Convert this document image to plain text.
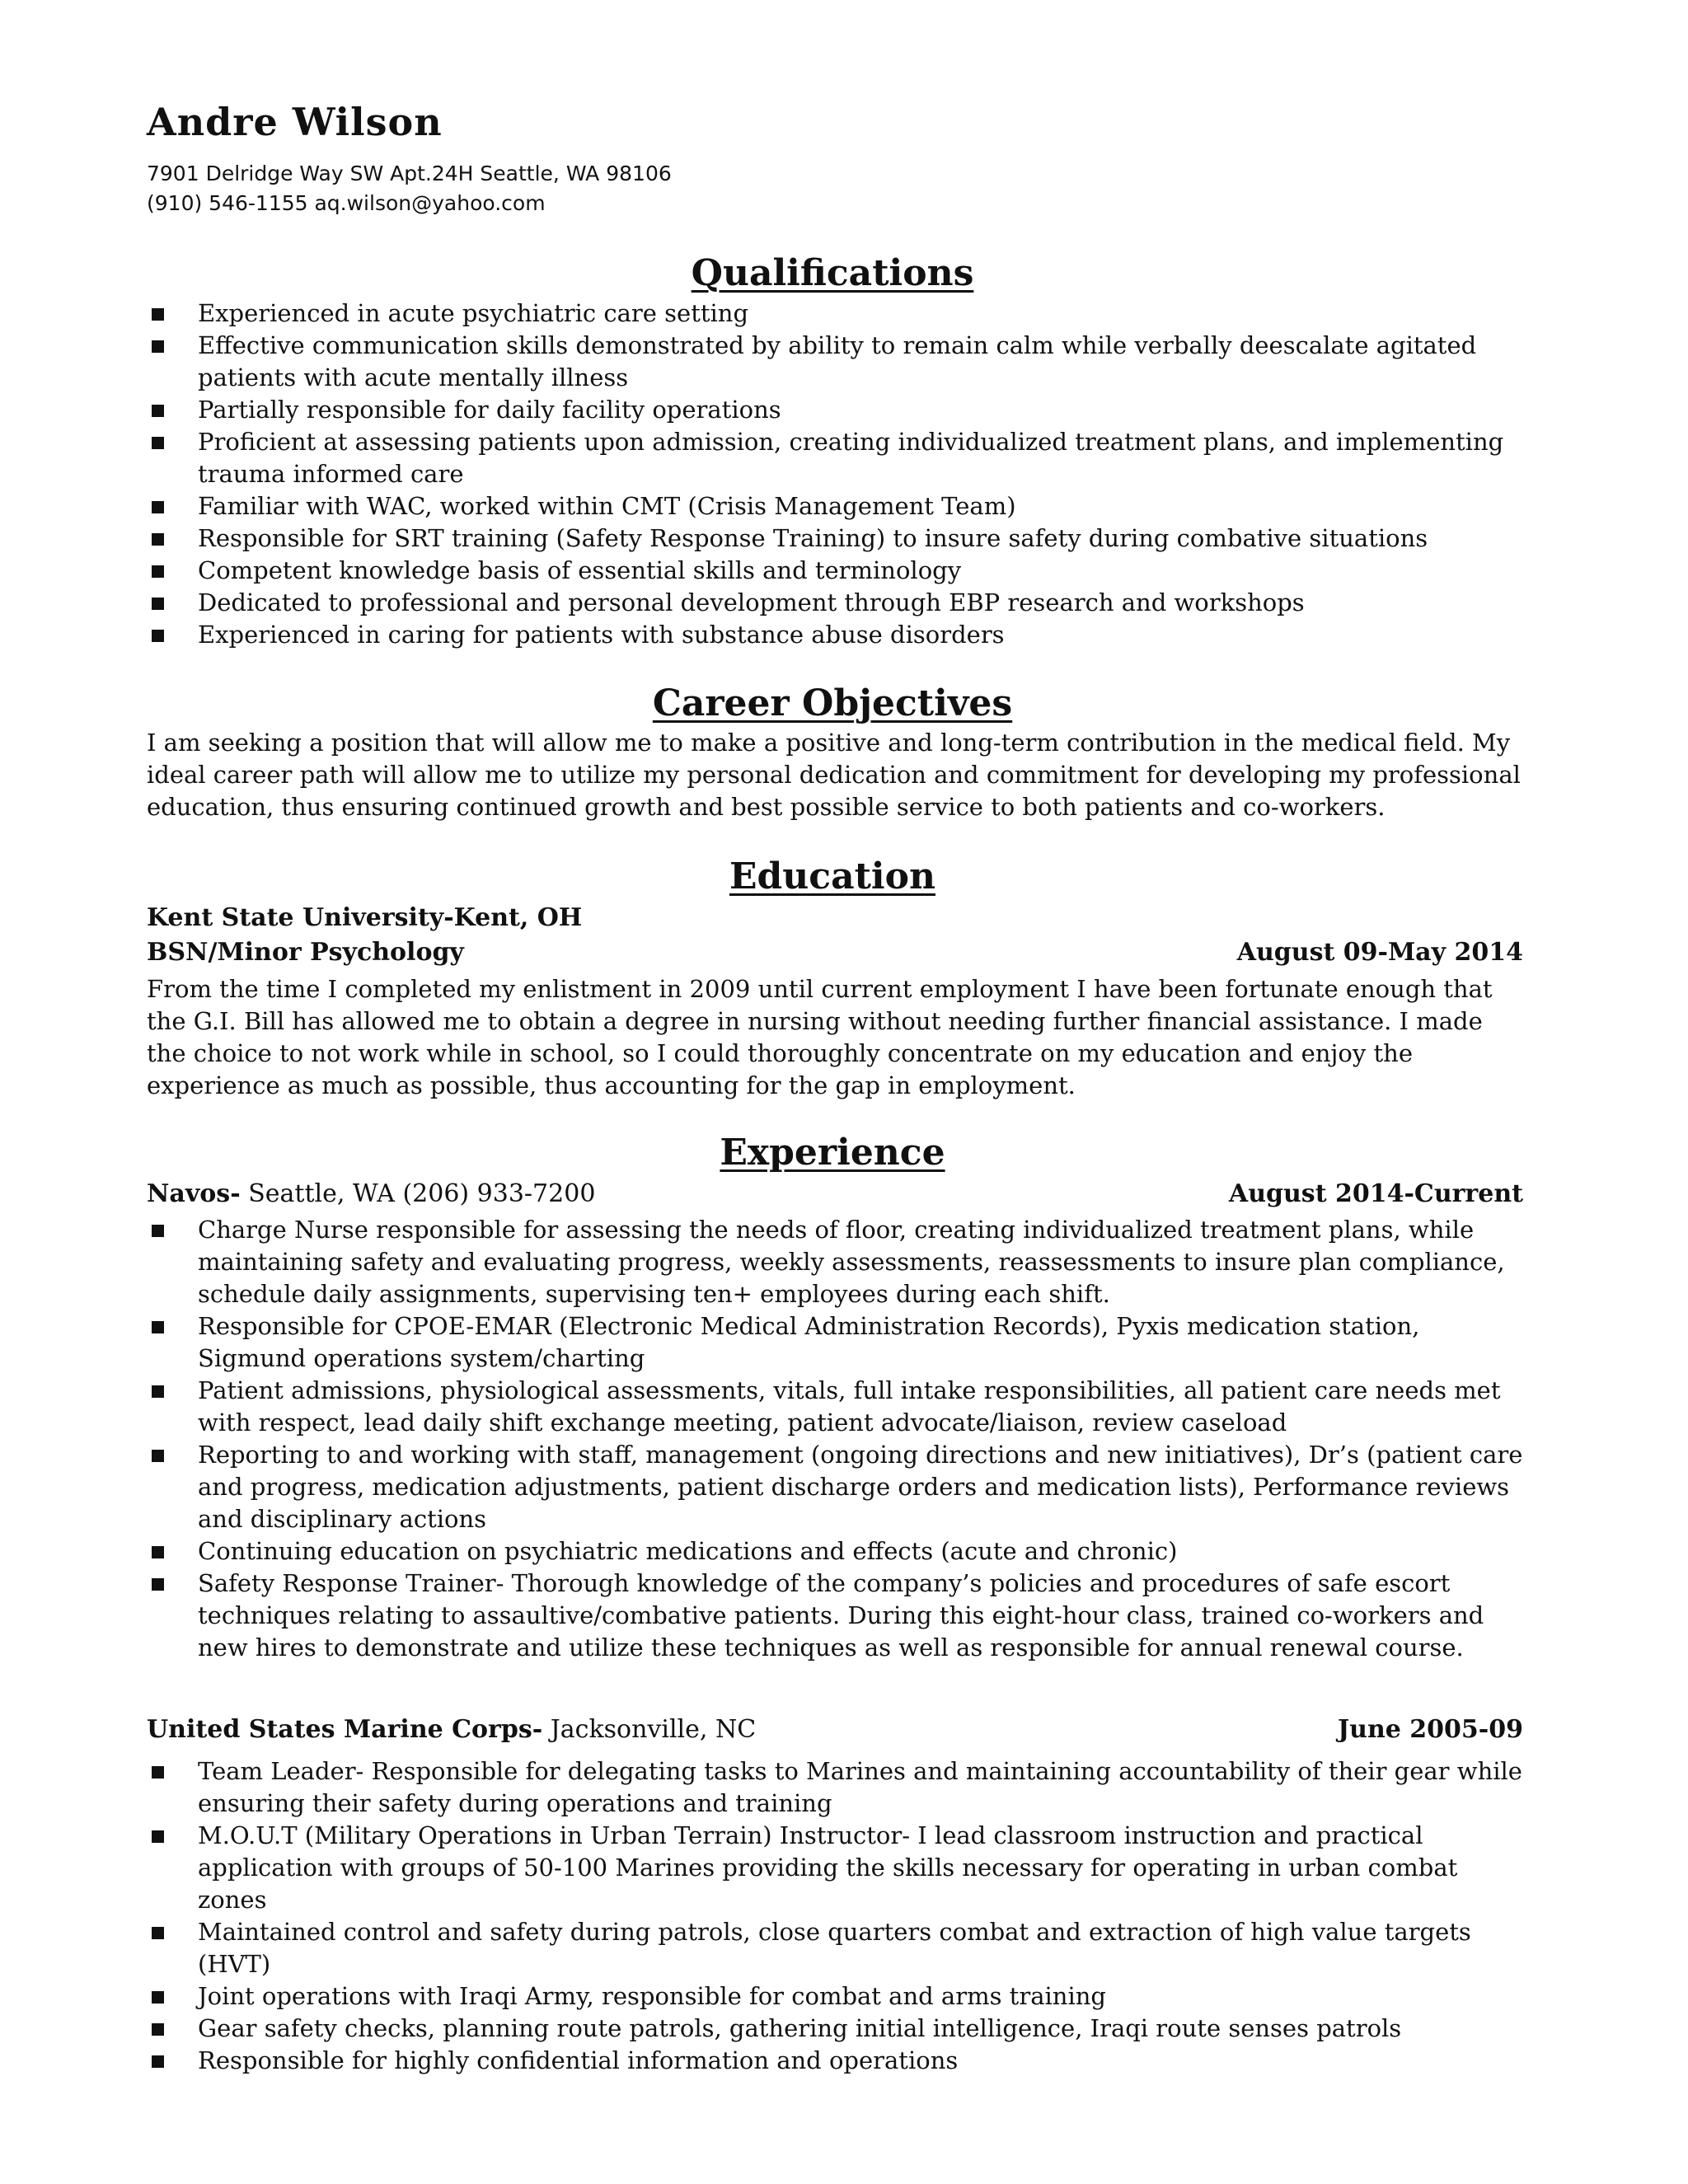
Andre Wilson

7901 Delridge Way SW Apt.24H Seattle, WA 98106

(910) 546-1155 aq.wilson@yahoo.com

Qualifications
Experienced in acute psychiatric care setting
Effective communication skills demonstrated by ability to remain calm while verbally deescalate agitated patients with acute mentally illness
Partially responsible for daily facility operations
Proficient at assessing patients upon admission, creating individualized treatment plans, and implementing trauma informed care
Familiar with WAC, worked within CMT (Crisis Management Team)
Responsible for SRT training (Safety Response Training) to insure safety during combative situations
Competent knowledge basis of essential skills and terminology
Dedicated to professional and personal development through EBP research and workshops
Experienced in caring for patients with substance abuse disorders
Career Objectives

I am seeking a position that will allow me to make a positive and long-term contribution in the medical field. My ideal career path will allow me to utilize my personal dedication and commitment for developing my professional education, thus ensuring continued growth and best possible service to both patients and co-workers.

Education
Kent State University-Kent, OH
BSN/Minor Psychology	August 09-May 2014

From the time I completed my enlistment in 2009 until current employment I have been fortunate enough that the G.I. Bill has allowed me to obtain a degree in nursing without needing further financial assistance. I made the choice to not work while in school, so I could thoroughly concentrate on my education and enjoy the experience as much as possible, thus accounting for the gap in employment.

Experience
Navos- Seattle, WA (206) 933-7200	August 2014-Current
Charge Nurse responsible for assessing the needs of floor, creating individualized treatment plans, while maintaining safety and evaluating progress, weekly assessments, reassessments to insure plan compliance, schedule daily assignments, supervising ten+ employees during each shift.
Responsible for CPOE-EMAR (Electronic Medical Administration Records), Pyxis medication station, Sigmund operations system/charting
Patient admissions, physiological assessments, vitals, full intake responsibilities, all patient care needs met with respect, lead daily shift exchange meeting, patient advocate/liaison, review caseload
Reporting to and working with staff, management (ongoing directions and new initiatives), Dr’s (patient care and progress, medication adjustments, patient discharge orders and medication lists), Performance reviews and disciplinary actions
Continuing education on psychiatric medications and effects (acute and chronic)
Safety Response Trainer- Thorough knowledge of the company’s policies and procedures of safe escort techniques relating to assaultive/combative patients. During this eight-hour class, trained co-workers and new hires to demonstrate and utilize these techniques as well as responsible for annual renewal course.
United States Marine Corps- Jacksonville, NC	June 2005-09
Team Leader- Responsible for delegating tasks to Marines and maintaining accountability of their gear while ensuring their safety during operations and training
M.O.U.T (Military Operations in Urban Terrain) Instructor- I lead classroom instruction and practical application with groups of 50-100 Marines providing the skills necessary for operating in urban combat zones
Maintained control and safety during patrols, close quarters combat and extraction of high value targets (HVT)
Joint operations with Iraqi Army, responsible for combat and arms training
Gear safety checks, planning route patrols, gathering initial intelligence, Iraqi route senses patrols
Responsible for highly confidential information and operations
